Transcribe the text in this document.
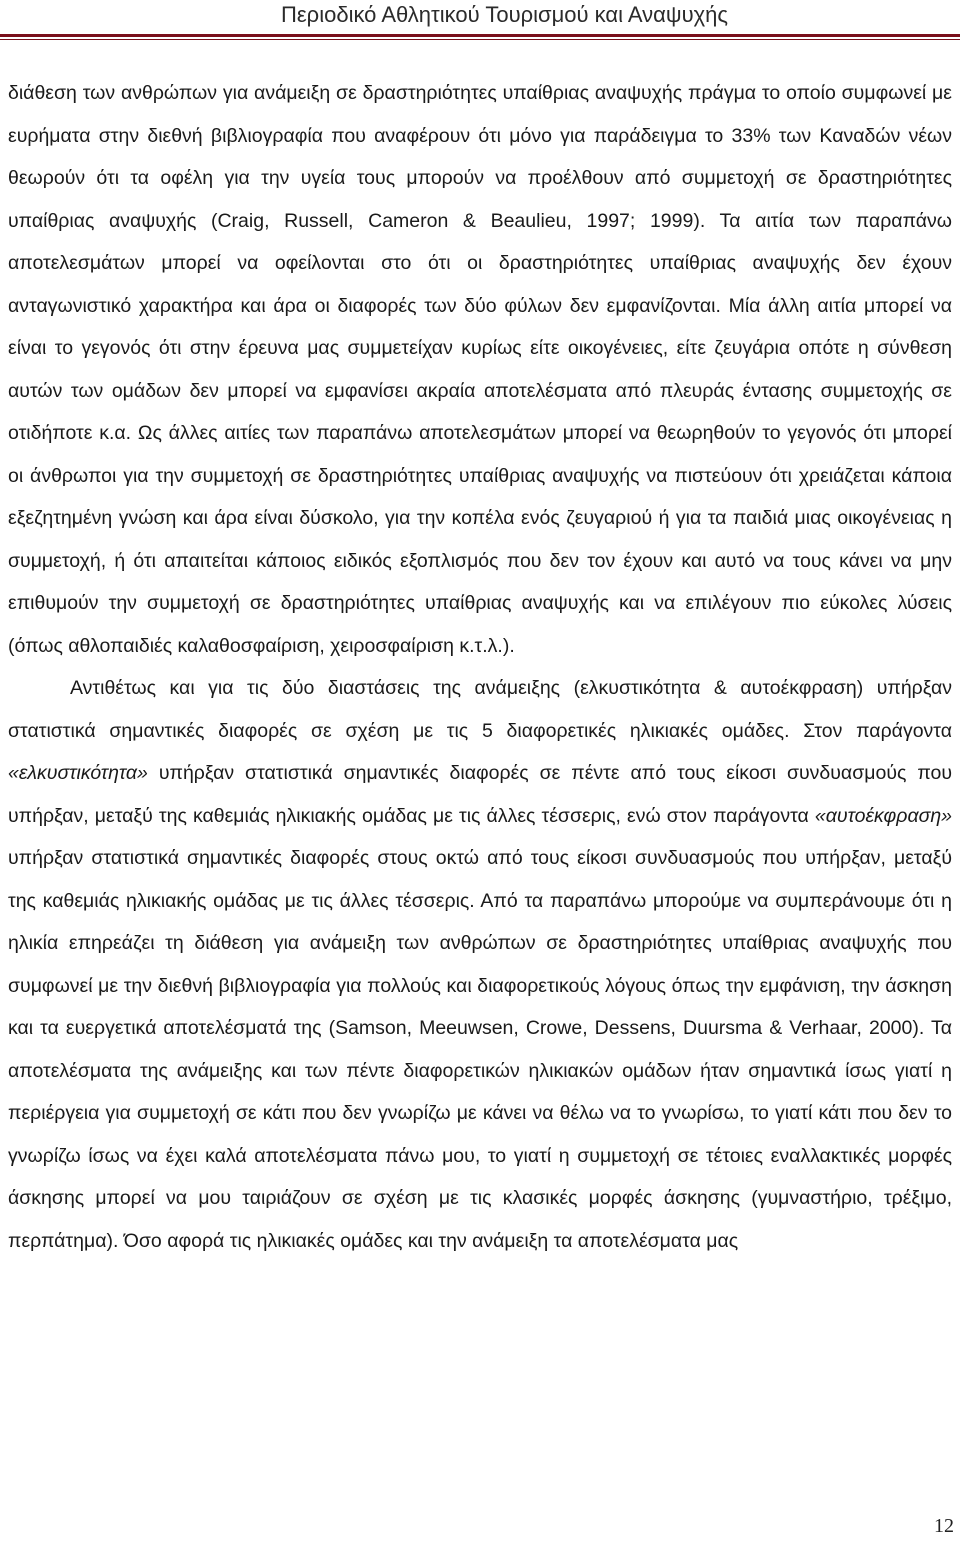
Περιοδικό Αθλητικού Τουρισμού και Αναψυχής

διάθεση των ανθρώπων για ανάμειξη σε δραστηριότητες υπαίθριας αναψυχής πράγμα το οποίο συμφωνεί με ευρήματα στην διεθνή βιβλιογραφία που αναφέρουν ότι μόνο για παράδειγμα το 33% των Καναδών νέων θεωρούν ότι τα οφέλη για την υγεία τους μπορούν να προέλθουν από συμμετοχή σε δραστηριότητες υπαίθριας αναψυχής (Craig, Russell, Cameron & Beaulieu, 1997; 1999). Τα αιτία των παραπάνω αποτελεσμάτων μπορεί να οφείλονται στο ότι οι δραστηριότητες υπαίθριας αναψυχής δεν έχουν ανταγωνιστικό χαρακτήρα και άρα οι διαφορές των δύο φύλων δεν εμφανίζονται. Μία άλλη αιτία μπορεί να είναι το γεγονός ότι στην έρευνα μας συμμετείχαν κυρίως είτε οικογένειες, είτε ζευγάρια οπότε η σύνθεση αυτών των ομάδων δεν μπορεί να εμφανίσει ακραία αποτελέσματα από πλευράς έντασης συμμετοχής σε οτιδήποτε κ.α. Ως άλλες αιτίες των παραπάνω αποτελεσμάτων μπορεί να θεωρηθούν το γεγονός ότι μπορεί οι άνθρωποι για την συμμετοχή σε δραστηριότητες υπαίθριας αναψυχής να πιστεύουν ότι χρειάζεται κάποια εξεζητημένη γνώση και άρα είναι δύσκολο, για την κοπέλα ενός ζευγαριού ή για τα παιδιά μιας οικογένειας η συμμετοχή, ή ότι απαιτείται κάποιος ειδικός εξοπλισμός που δεν τον έχουν και αυτό να τους κάνει να μην επιθυμούν την συμμετοχή σε δραστηριότητες υπαίθριας αναψυχής και να επιλέγουν πιο εύκολες λύσεις (όπως αθλοπαιδιές καλαθοσφαίριση, χειροσφαίριση κ.τ.λ.).

Αντιθέτως και για τις δύο διαστάσεις της ανάμειξης (ελκυστικότητα & αυτοέκφραση) υπήρξαν στατιστικά σημαντικές διαφορές σε σχέση με τις 5 διαφορετικές ηλικιακές ομάδες. Στον παράγοντα «ελκυστικότητα» υπήρξαν στατιστικά σημαντικές διαφορές σε πέντε από τους είκοσι συνδυασμούς που υπήρξαν, μεταξύ της καθεμιάς ηλικιακής ομάδας με τις άλλες τέσσερις, ενώ στον παράγοντα «αυτοέκφραση» υπήρξαν στατιστικά σημαντικές διαφορές στους οκτώ από τους είκοσι συνδυασμούς που υπήρξαν, μεταξύ της καθεμιάς ηλικιακής ομάδας με τις άλλες τέσσερις. Από τα παραπάνω μπορούμε να συμπεράνουμε ότι η ηλικία επηρεάζει τη διάθεση για ανάμειξη των ανθρώπων σε δραστηριότητες υπαίθριας αναψυχής που συμφωνεί με την διεθνή βιβλιογραφία για πολλούς και διαφορετικούς λόγους όπως την εμφάνιση, την άσκηση και τα ευεργετικά αποτελέσματά της (Samson, Meeuwsen, Crowe, Dessens, Duursma & Verhaar, 2000). Τα αποτελέσματα της ανάμειξης και των πέντε διαφορετικών ηλικιακών ομάδων ήταν σημαντικά ίσως γιατί η περιέργεια για συμμετοχή σε κάτι που δεν γνωρίζω με κάνει να θέλω να το γνωρίσω, το γιατί κάτι που δεν το γνωρίζω ίσως να έχει καλά αποτελέσματα πάνω μου, το γιατί η συμμετοχή σε τέτοιες εναλλακτικές μορφές άσκησης μπορεί να μου ταιριάζουν σε σχέση με τις κλασικές μορφές άσκησης (γυμναστήριο, τρέξιμο, περπάτημα). Όσο αφορά τις ηλικιακές ομάδες και την ανάμειξη τα αποτελέσματα μας

12
